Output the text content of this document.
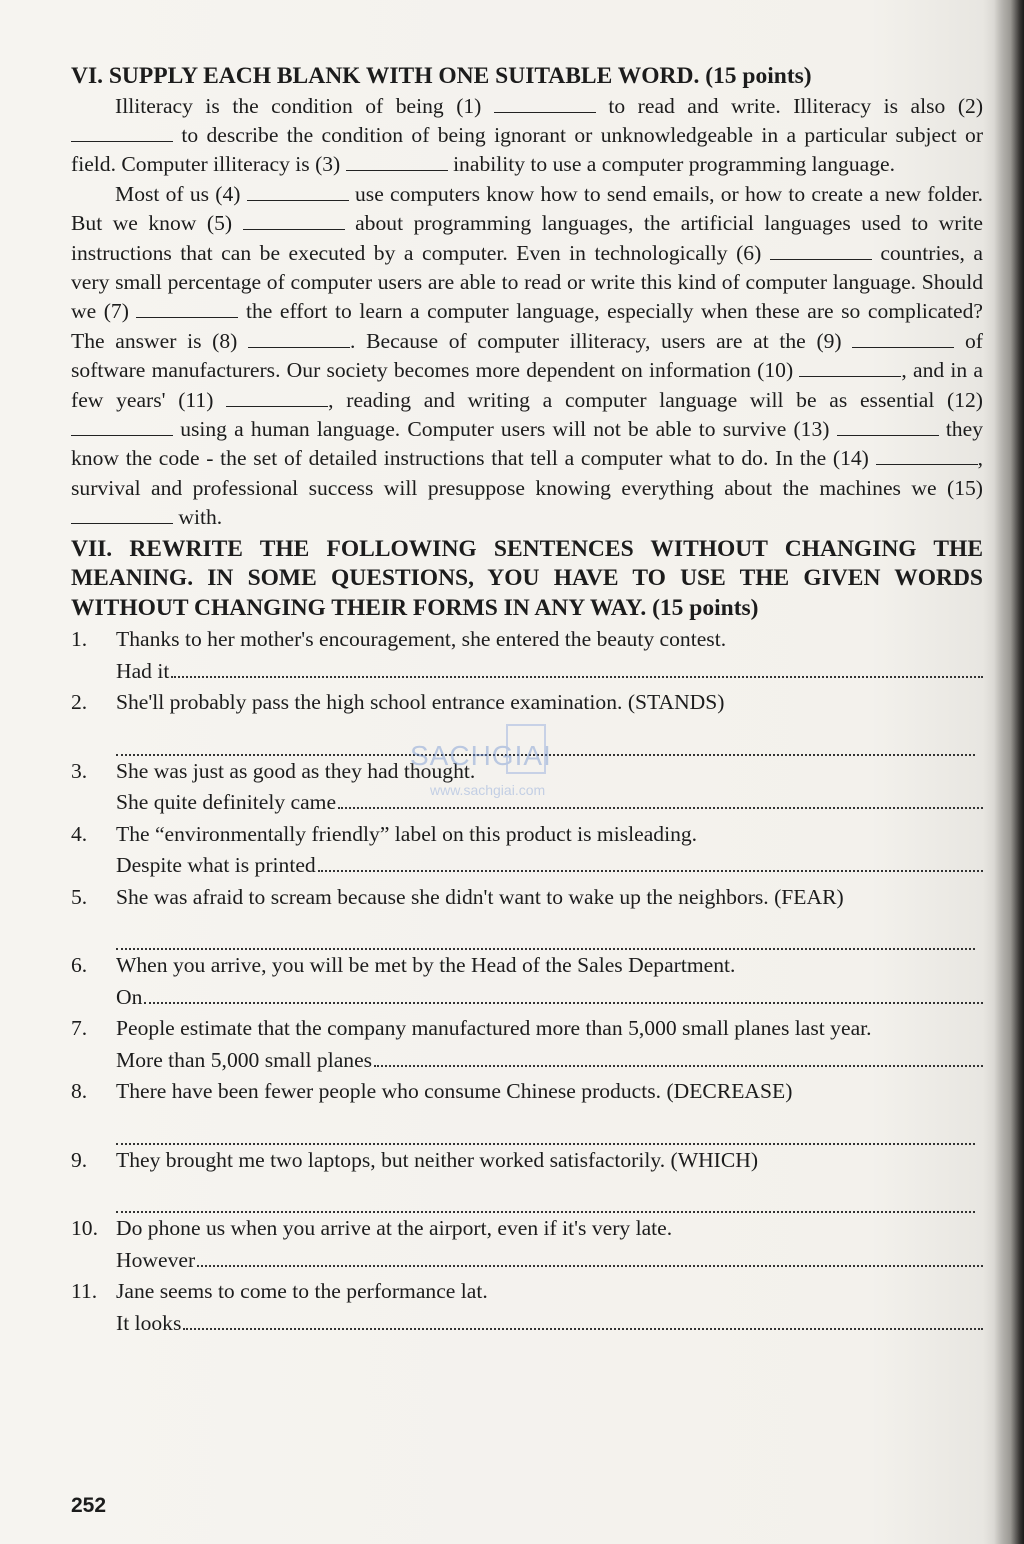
VI. SUPPLY EACH BLANK WITH ONE SUITABLE WORD. (15 points)

Illiteracy is the condition of being (1)	to read and write. Illiteracy is also (2)  to describe the condition of being ignorant or unknowledgeable in a particular subject or field. Computer illiteracy is (3)	inability to use a computer programming language.

Most of us (4)	use computers know how to send emails, or how to create a new folder. But we know (5)	about programming languages, the artificial languages used to write instructions that can be executed by a computer. Even in technologically (6)	countries, a very small percentage of computer users are able to read or write this kind of computer language. Should we (7)	the effort to learn a computer language, especially when these are so complicated? The answer is (8)	. Because of computer illiteracy, users are at the (9)	of software manufacturers. Our society becomes more dependent on information (10)	, and in a few years' (11)	, reading and writing a computer language will be as essential (12)  using a human language. Computer users will not be able to survive (13)	they know the code - the set of detailed instructions that tell a computer what to do. In the (14)	, survival and professional success will presuppose knowing everything about the machines we (15)  with.

VII. REWRITE THE FOLLOWING SENTENCES WITHOUT CHANGING THE MEANING. IN SOME QUESTIONS, YOU HAVE TO USE THE GIVEN WORDS WITHOUT CHANGING THEIR FORMS IN ANY WAY. (15 points)

1.	Thanks to her mother's encouragement, she entered the beauty contest.
Had it
2.	She'll probably pass the high school entrance examination. (STANDS)
3.	She was just as good as they had thought.
She quite definitely came
4.	The “environmentally friendly” label on this product is misleading.
Despite what is printed
5.	She was afraid to scream because she didn't want to wake up the neighbors. (FEAR)
6.	When you arrive, you will be met by the Head of the Sales Department.
On
7.	People estimate that the company manufactured more than 5,000 small planes last year.
More than 5,000 small planes
8.	There have been fewer people who consume Chinese products. (DECREASE)
9.	They brought me two laptops, but neither worked satisfactorily. (WHICH)
10. Do phone us when you arrive at the airport, even if it's very late.
However
11. Jane seems to come to the performance lat.
It looks
252
SACHGIAI
www.sachgiai.com
